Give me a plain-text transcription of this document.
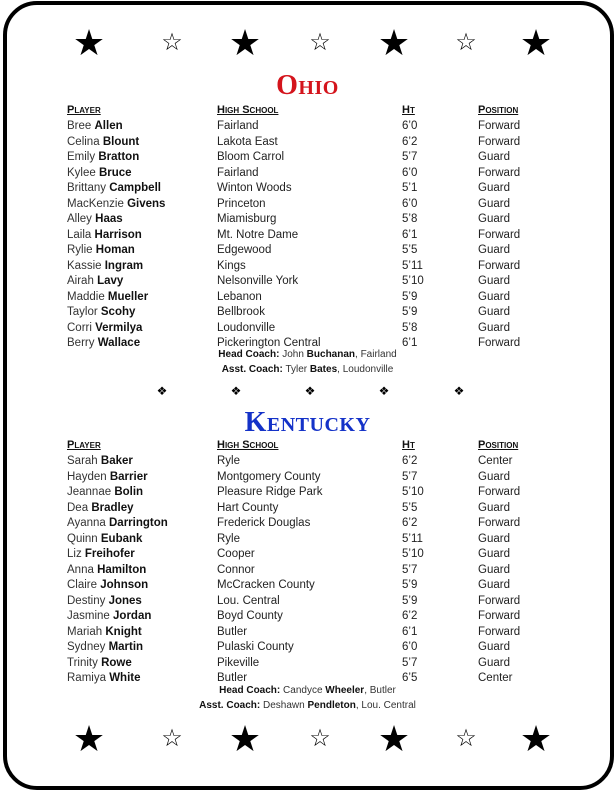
★ ☆ ★ ☆ ★ ☆ ★
Ohio
Player	High School	Ht	Position
Bree Allen	Fairland	6’0	Forward
Celina Blount	Lakota East	6’2	Forward
Emily Bratton	Bloom Carrol	5’7	Guard
Kylee Bruce	Fairland	6’0	Forward
Brittany Campbell	Winton Woods	5’1	Guard
MacKenzie Givens	Princeton	6’0	Guard
Alley Haas	Miamisburg	5’8	Guard
Laila Harrison	Mt. Notre Dame	6’1	Forward
Rylie Homan	Edgewood	5’5	Guard
Kassie Ingram	Kings	5’11	Forward
Airah Lavy	Nelsonville York	5’10	Guard
Maddie Mueller	Lebanon	5’9	Guard
Taylor Scohy	Bellbrook	5’9	Guard
Corri Vermilya	Loudonville	5’8	Guard
Berry Wallace	Pickerington Central	6’1	Forward
Head Coach: John Buchanan, Fairland
Asst. Coach: Tyler Bates, Loudonville
❖	❖	❖	❖	❖
Kentucky
Player	High School	Ht	Position
Sarah Baker	Ryle	6’2	Center
Hayden Barrier	Montgomery County	5’7	Guard
Jeannae Bolin	Pleasure Ridge Park	5’10	Forward
Dea Bradley	Hart County	5’5	Guard
Ayanna Darrington	Frederick Douglas	6’2	Forward
Quinn Eubank	Ryle	5’11	Guard
Liz Freihofer	Cooper	5’10	Guard
Anna Hamilton	Connor	5’7	Guard
Claire Johnson	McCracken County	5’9	Guard
Destiny Jones	Lou. Central	5’9	Forward
Jasmine Jordan	Boyd County	6’2	Forward
Mariah Knight	Butler	6’1	Forward
Sydney Martin	Pulaski County	6’0	Guard
Trinity Rowe	Pikeville	5’7	Guard
Ramiya White	Butler	6’5	Center
Head Coach: Candyce Wheeler, Butler
Asst. Coach: Deshawn Pendleton, Lou. Central
★ ☆ ★ ☆ ★ ☆ ★
